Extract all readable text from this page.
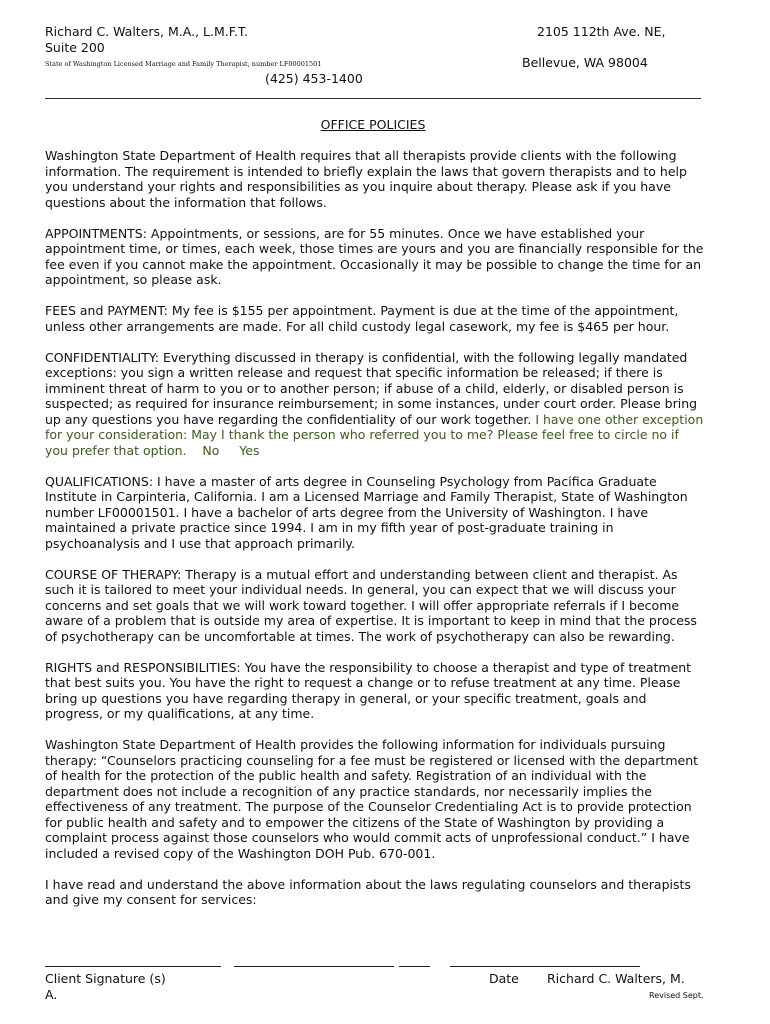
Richard C. Walters, M.A., L.M.F.T.
Suite 200
State of Washington Licensed Marriage and Family Therapist, number LF00001501
(425) 453-1400
2105 112th Ave. NE,
Bellevue, WA 98004
OFFICE POLICIES

Washington State Department of Health requires that all therapists provide clients with the following information. The requirement is intended to briefly explain the laws that govern therapists and to help you understand your rights and responsibilities as you inquire about therapy. Please ask if you have questions about the information that follows.

APPOINTMENTS: Appointments, or sessions, are for 55 minutes. Once we have established your appointment time, or times, each week, those times are yours and you are financially responsible for the fee even if you cannot make the appointment. Occasionally it may be possible to change the time for an appointment, so please ask.

FEES and PAYMENT: My fee is $155 per appointment. Payment is due at the time of the appointment, unless other arrangements are made. For all child custody legal casework, my fee is $465 per hour.

CONFIDENTIALITY: Everything discussed in therapy is confidential, with the following legally mandated exceptions: you sign a written release and request that specific information be released; if there is imminent threat of harm to you or to another person; if abuse of a child, elderly, or disabled person is suspected; as required for insurance reimbursement; in some instances, under court order. Please bring up any questions you have regarding the confidentiality of our work together. I have one other exception for your consideration: May I thank the person who referred you to me? Please feel free to circle no if you prefer that option. No Yes

QUALIFICATIONS: I have a master of arts degree in Counseling Psychology from Pacifica Graduate Institute in Carpinteria, California. I am a Licensed Marriage and Family Therapist, State of Washington number LF00001501. I have a bachelor of arts degree from the University of Washington. I have maintained a private practice since 1994. I am in my fifth year of post-graduate training in psychoanalysis and I use that approach primarily.

COURSE OF THERAPY: Therapy is a mutual effort and understanding between client and therapist. As such it is tailored to meet your individual needs. In general, you can expect that we will discuss your concerns and set goals that we will work toward together. I will offer appropriate referrals if I become aware of a problem that is outside my area of expertise. It is important to keep in mind that the process of psychotherapy can be uncomfortable at times. The work of psychotherapy can also be rewarding.

RIGHTS and RESPONSIBILITIES: You have the responsibility to choose a therapist and type of treatment that best suits you. You have the right to request a change or to refuse treatment at any time. Please bring up questions you have regarding therapy in general, or your specific treatment, goals and progress, or my qualifications, at any time.

Washington State Department of Health provides the following information for individuals pursuing therapy: “Counselors practicing counseling for a fee must be registered or licensed with the department of health for the protection of the public health and safety. Registration of an individual with the department does not include a recognition of any practice standards, nor necessarily implies the effectiveness of any treatment. The purpose of the Counselor Credentialing Act is to provide protection for public health and safety and to empower the citizens of the State of Washington by providing a complaint process against those counselors who would commit acts of unprofessional conduct.” I have included a revised copy of the Washington DOH Pub. 670-001.

I have read and understand the above information about the laws regulating counselors and therapists and give my consent for services:

Client Signature (s)	Date Richard C. Walters, M.
A.	Revised Sept.
